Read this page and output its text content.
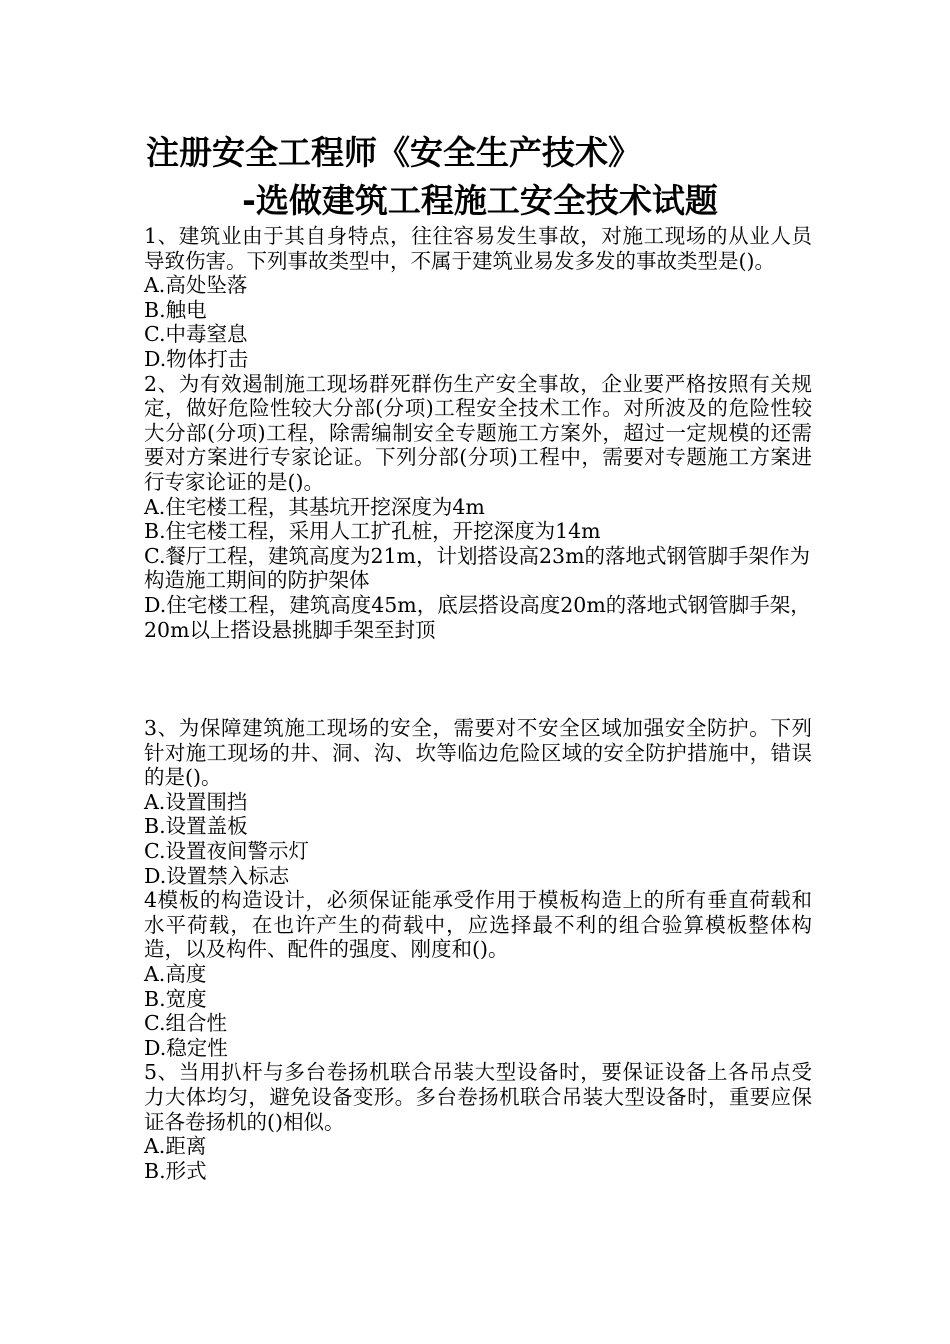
注册安全工程师《安全生产技术》
-选做建筑工程施工安全技术试题

1、建筑业由于其自身特点，往往容易发生事故，对施工现场的从业人员导致伤害。下列事故类型中，不属于建筑业易发多发的事故类型是()。

A.高处坠落

B.触电

C.中毒窒息

D.物体打击

2、为有效遏制施工现场群死群伤生产安全事故，企业要严格按照有关规定，做好危险性较大分部(分项)工程安全技术工作。对所波及的危险性较大分部(分项)工程，除需编制安全专题施工方案外，超过一定规模的还需要对方案进行专家论证。下列分部(分项)工程中，需要对专题施工方案进行专家论证的是()。

A.住宅楼工程，其基坑开挖深度为4m

B.住宅楼工程，采用人工扩孔桩，开挖深度为14m

C.餐厅工程，建筑高度为21m，计划搭设高23m的落地式钢管脚手架作为构造施工期间的防护架体

D.住宅楼工程，建筑高度45m，底层搭设高度20m的落地式钢管脚手架，20m以上搭设悬挑脚手架至封顶

3、为保障建筑施工现场的安全，需要对不安全区域加强安全防护。下列针对施工现场的井、洞、沟、坎等临边危险区域的安全防护措施中，错误的是()。

A.设置围挡

B.设置盖板

C.设置夜间警示灯

D.设置禁入标志

4模板的构造设计，必须保证能承受作用于模板构造上的所有垂直荷载和水平荷载，在也许产生的荷载中，应选择最不利的组合验算模板整体构造，以及构件、配件的强度、刚度和()。

A.高度

B.宽度

C.组合性

D.稳定性

5、当用扒杆与多台卷扬机联合吊装大型设备时，要保证设备上各吊点受力大体均匀，避免设备变形。多台卷扬机联合吊装大型设备时，重要应保证各卷扬机的()相似。

A.距离

B.形式
